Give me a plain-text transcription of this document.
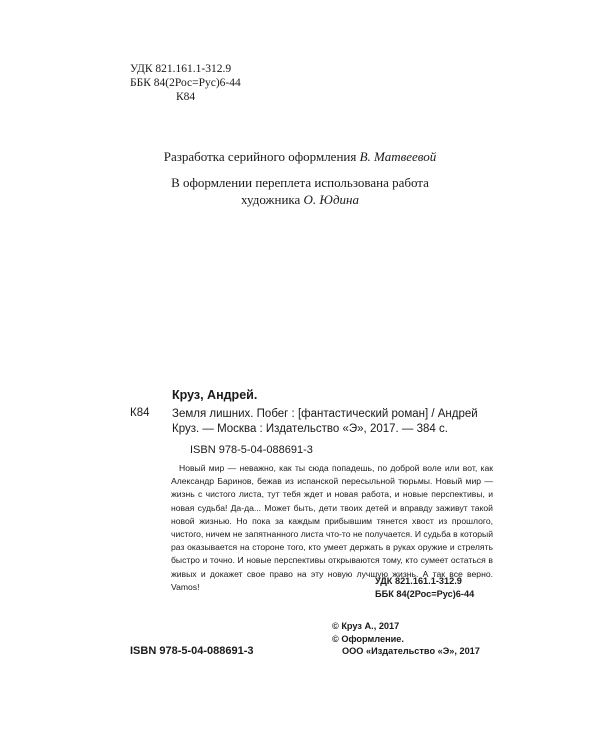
УДК 821.161.1-312.9
ББК 84(2Рос=Рус)6-44
К84
Разработка серийного оформления В. Матвеевой
В оформлении переплета использована работа
художника О. Юдина
Круз, Андрей.
К84 Земля лишних. Побег : [фантастический роман] / Андрей Круз. — Москва : Издательство «Э», 2017. — 384 с.
ISBN 978-5-04-088691-3
Новый мир — неважно, как ты сюда попадешь, по доброй воле или вот, как Александр Баринов, бежав из испанской пересыльной тюрьмы. Новый мир — жизнь с чистого листа, тут тебя ждет и новая работа, и новые перспективы, и новая судьба! Да-да... Может быть, дети твоих детей и вправду заживут такой новой жизнью. Но пока за каждым прибывшим тянется хвост из прошлого, чистого, ничем не запятнанного листа что-то не получается. И судьба в который раз оказывается на стороне того, кто умеет держать в руках оружие и стрелять быстро и точно. И новые перспективы открываются тому, кто сумеет остаться в живых и докажет свое право на эту новую лучшую жизнь. А так все верно. Vamos!
УДК 821.161.1-312.9
ББК 84(2Рос=Рус)6-44
© Круз А., 2017
© Оформление.
ООО «Издательство «Э», 2017
ISBN 978-5-04-088691-3
